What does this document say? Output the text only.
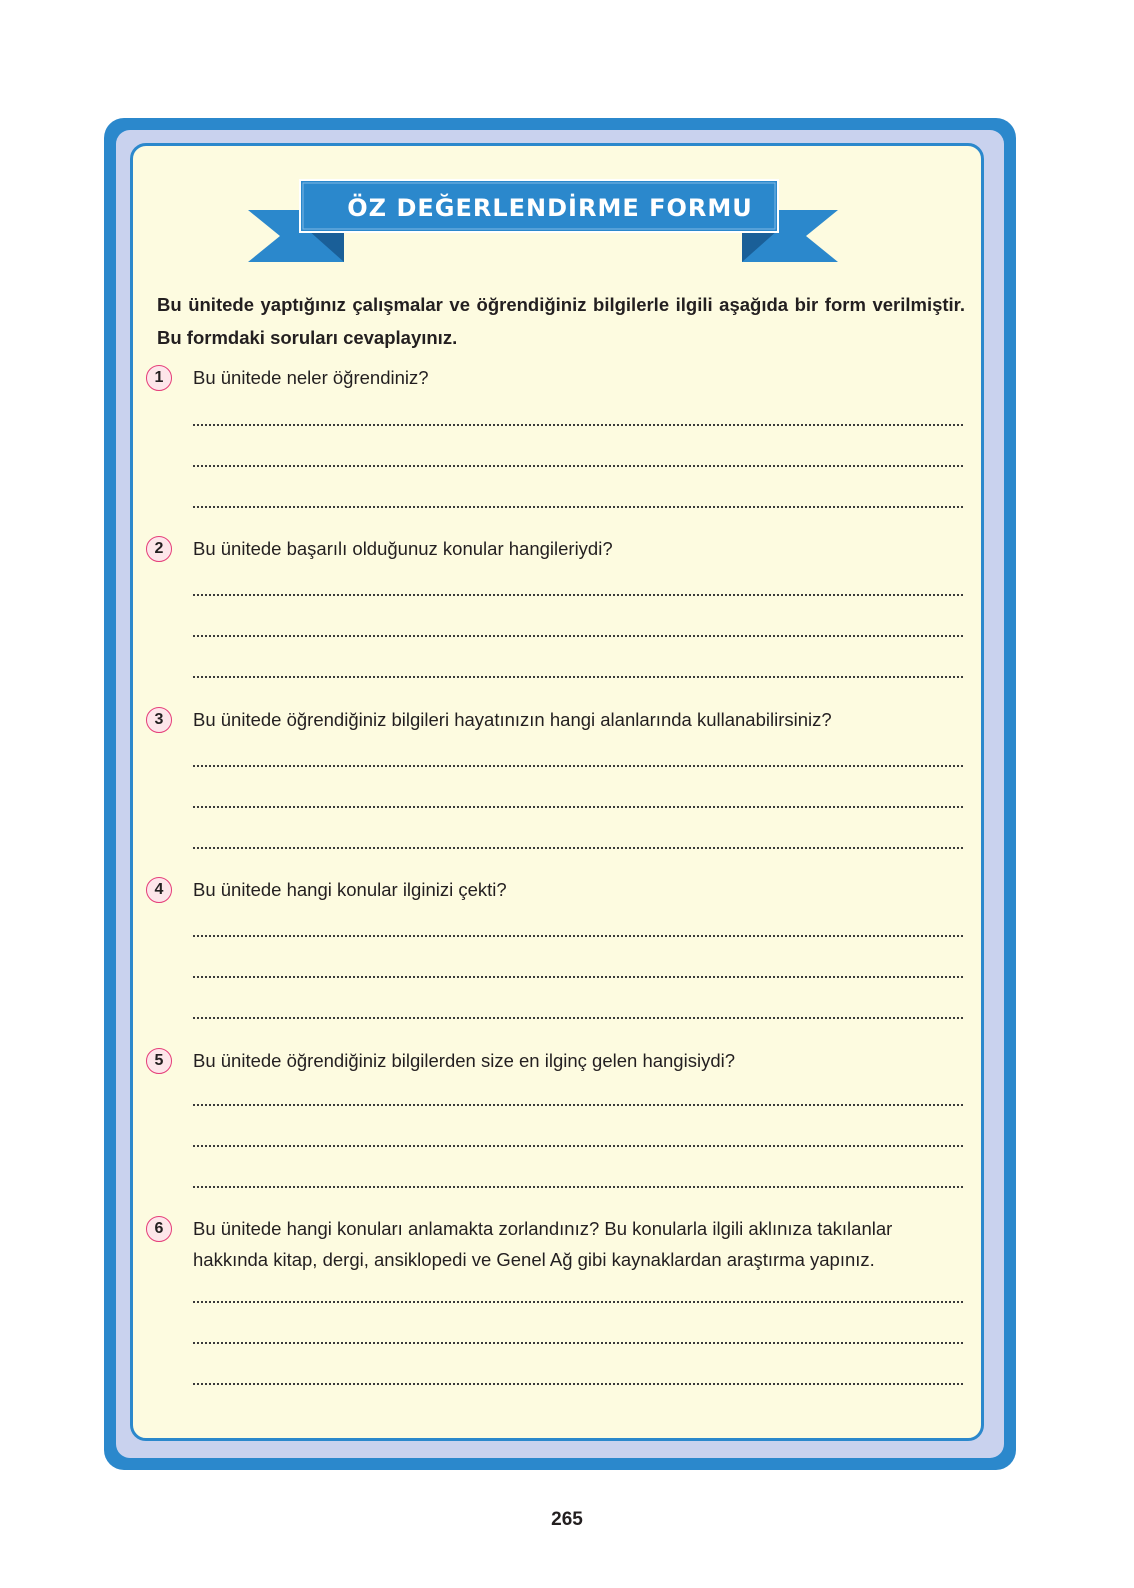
ÖZ DEĞERLENDİRME FORMU

Bu ünitede yaptığınız çalışmalar ve öğrendiğiniz bilgilerle ilgili aşağıda bir form verilmiştir. Bu formdaki soruları cevaplayınız.

1	Bu ünitede neler öğrendiniz?

2	Bu ünitede başarılı olduğunuz konular hangileriydi?

3	Bu ünitede öğrendiğiniz bilgileri hayatınızın hangi alanlarında kullanabilirsiniz?

4	Bu ünitede hangi konular ilginizi çekti?

5	Bu ünitede öğrendiğiniz bilgilerden size en ilginç gelen hangisiydi?

6	Bu ünitede hangi konuları anlamakta zorlandınız? Bu konularla ilgili aklınıza takılanlar hakkında kitap, dergi, ansiklopedi ve Genel Ağ gibi kaynaklardan araştırma yapınız.

265
